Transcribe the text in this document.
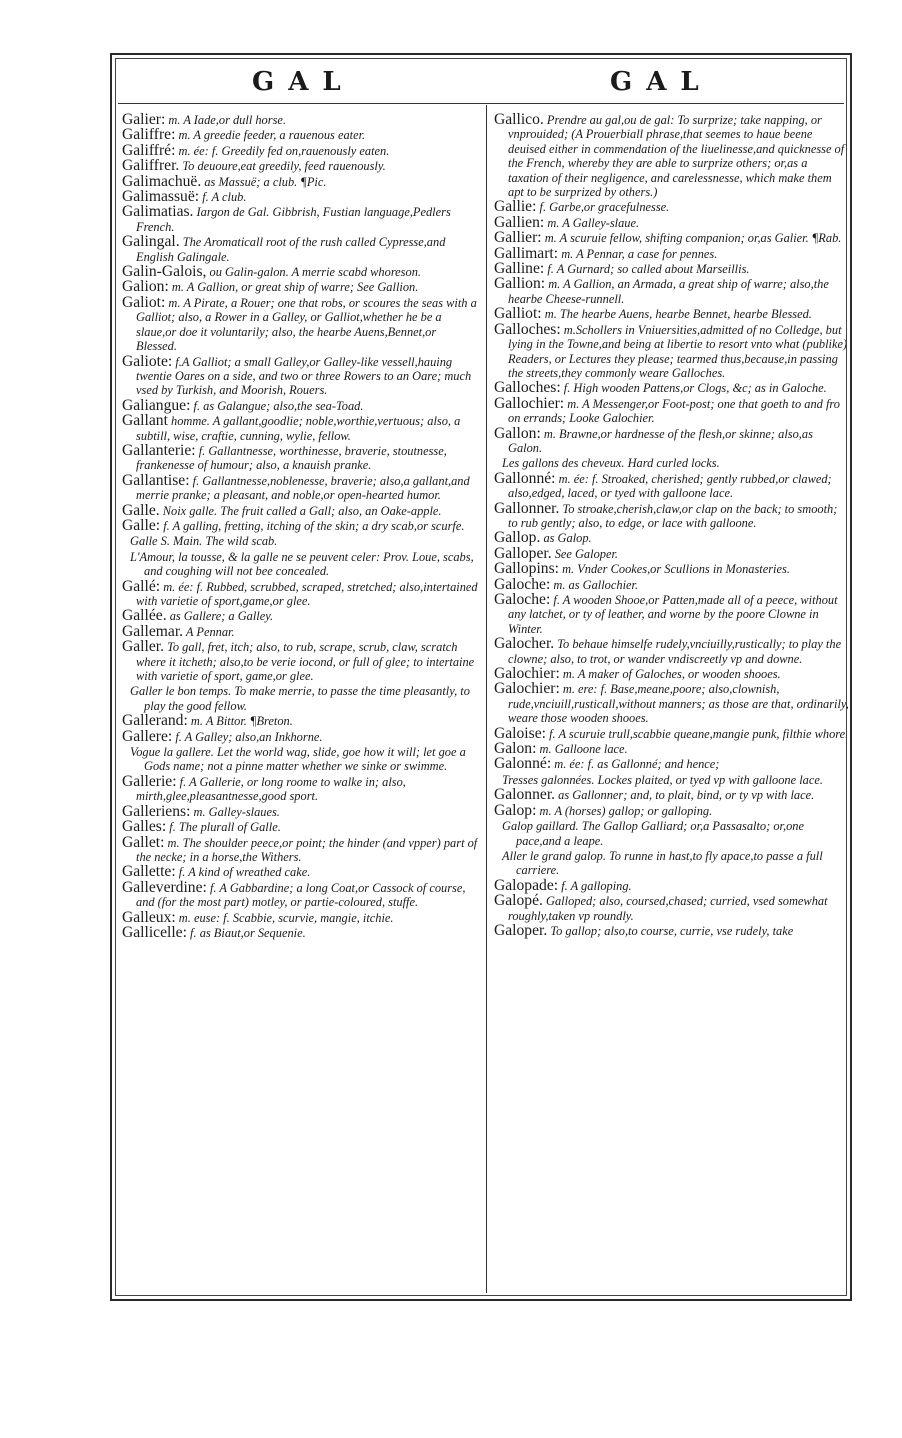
GAL	GAL

Galier: m. A Iade,or dull horse.

Galiffre: m. A greedie feeder, a rauenous eater.

Galiffré: m. ée: f. Greedily fed on,rauenously eaten.

Galiffrer. To deuoure,eat greedily, feed rauenously.

Galimachuë. as Massuë; a club. ¶Pic.

Galimassuë: f. A club.

Galimatias. Iargon de Gal. Gibbrish, Fustian language,Pedlers French.

Galingal. The Aromaticall root of the rush called Cypresse,and English Galingale.

Galin-Galois, ou Galin-galon. A merrie scabd whoreson.

Galion: m. A Gallion, or great ship of warre; See Gallion.

Galiot: m. A Pirate, a Rouer; one that robs, or scoures the seas with a Galliot; also, a Rower in a Galley, or Galliot,whether he be a slaue,or doe it voluntarily; also, the hearbe Auens,Bennet,or Blessed.

Galiote: f.A Galliot; a small Galley,or Galley-like vessell,hauing twentie Oares on a side, and two or three Rowers to an Oare; much vsed by Turkish, and Moorish, Rouers.

Galiangue: f. as Galangue; also,the sea-Toad.

Gallant homme. A gallant,goodlie; noble,worthie,vertuous; also, a subtill, wise, craftie, cunning, wylie, fellow.

Gallanterie: f. Gallantnesse, worthinesse, braverie, stoutnesse, frankenesse of humour; also, a knauish pranke.

Gallantise: f. Gallantnesse,noblenesse, braverie; also,a gallant,and merrie pranke; a pleasant, and noble,or open-hearted humor.

Galle. Noix galle. The fruit called a Gall; also, an Oake-apple.

Galle: f. A galling, fretting, itching of the skin; a dry scab,or scurfe.

Galle S. Main. The wild scab.

L'Amour, la tousse, & la galle ne se peuvent celer: Prov. Loue, scabs, and coughing will not bee concealed.

Gallé: m. ée: f. Rubbed, scrubbed, scraped, stretched; also,intertained with varietie of sport,game,or glee.

Gallée. as Gallere; a Galley.

Gallemar. A Pennar.

Galler. To gall, fret, itch; also, to rub, scrape, scrub, claw, scratch where it itcheth; also,to be verie iocond, or full of glee; to intertaine with varietie of sport, game,or glee.

Galler le bon temps. To make merrie, to passe the time pleasantly, to play the good fellow.

Gallerand: m. A Bittor. ¶Breton.

Gallere: f. A Galley; also,an Inkhorne.

Vogue la gallere. Let the world wag, slide, goe how it will; let goe a Gods name; not a pinne matter whether we sinke or swimme.

Gallerie: f. A Gallerie, or long roome to walke in; also, mirth,glee,pleasantnesse,good sport.

Galleriens: m. Galley-slaues.

Galles: f. The plurall of Galle.

Gallet: m. The shoulder peece,or point; the hinder (and vpper) part of the necke; in a horse,the Withers.

Gallette: f. A kind of wreathed cake.

Galleverdine: f. A Gabbardine; a long Coat,or Cassock of course, and (for the most part) motley, or partie-coloured, stuffe.

Galleux: m. euse: f. Scabbie, scurvie, mangie, itchie.

Gallicelle: f. as Biaut,or Sequenie.

Gallico. Prendre au gal,ou de gal: To surprize; take napping, or vnprouided; (A Prouerbiall phrase,that seemes to haue beene deuised either in commendation of the liuelinesse,and quicknesse of the French, whereby they are able to surprize others; or,as a taxation of their negligence, and carelessnesse, which make them apt to be surprized by others.)

Gallie: f. Garbe,or gracefulnesse.

Gallien: m. A Galley-slaue.

Gallier: m. A scuruie fellow, shifting companion; or,as Galier. ¶Rab.

Gallimart: m. A Pennar, a case for pennes.

Galline: f. A Gurnard; so called about Marseillis.

Gallion: m. A Gallion, an Armada, a great ship of warre; also,the hearbe Cheese-runnell.

Galliot: m. The hearbe Auens, hearbe Bennet, hearbe Blessed.

Galloches: m.Schollers in Vniuersities,admitted of no Colledge, but lying in the Towne,and being at libertie to resort vnto what (publike) Readers, or Lectures they please; tearmed thus,because,in passing the streets,they commonly weare Galloches.

Galloches: f. High wooden Pattens,or Clogs, &c; as in Galoche.

Gallochier: m. A Messenger,or Foot-post; one that goeth to and fro on errands; Looke Galochier.

Gallon: m. Brawne,or hardnesse of the flesh,or skinne; also,as Galon.

Les gallons des cheveux. Hard curled locks.

Gallonné: m. ée: f. Stroaked, cherished; gently rubbed,or clawed; also,edged, laced, or tyed with galloone lace.

Gallonner. To stroake,cherish,claw,or clap on the back; to smooth; to rub gently; also, to edge, or lace with galloone.

Gallop. as Galop.

Galloper. See Galoper.

Gallopins: m. Vnder Cookes,or Scullions in Monasteries.

Galoche: m. as Gallochier.

Galoche: f. A wooden Shooe,or Patten,made all of a peece, without any latchet, or ty of leather, and worne by the poore Clowne in Winter.

Galocher. To behaue himselfe rudely,vnciuilly,rustically; to play the clowne; also, to trot, or wander vndiscreetly vp and downe.

Galochier: m. A maker of Galoches, or wooden shooes.

Galochier: m. ere: f. Base,meane,poore; also,clownish, rude,vnciuill,rusticall,without manners; as those are that, ordinarily, weare those wooden shooes.

Galoise: f. A scuruie trull,scabbie queane,mangie punk, filthie whore.

Galon: m. Galloone lace.

Galonné: m. ée: f. as Gallonné; and hence;

Tresses galonnées. Lockes plaited, or tyed vp with galloone lace.

Galonner. as Gallonner; and, to plait, bind, or ty vp with lace.

Galop: m. A (horses) gallop; or galloping.

Galop gaillard. The Gallop Galliard; or,a Passasalto; or,one pace,and a leape.

Aller le grand galop. To runne in hast,to fly apace,to passe a full carriere.

Galopade: f. A galloping.

Galopé. Galloped; also, coursed,chased; curried, vsed somewhat roughly,taken vp roundly.

Galoper. To gallop; also,to course, currie, vse rudely, take
